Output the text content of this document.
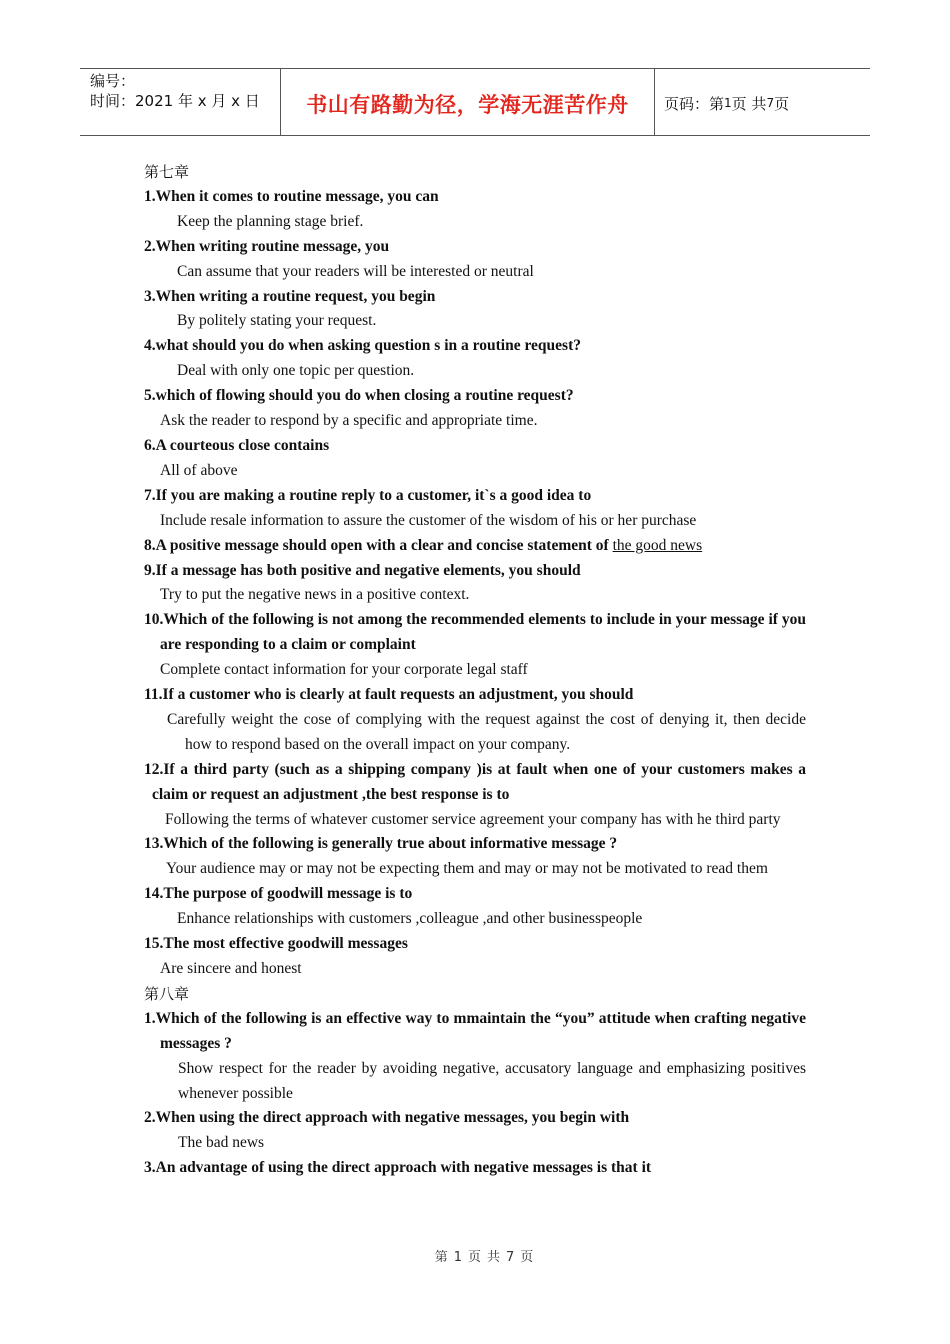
编号：
时间：2021 年 x 月 x 日	书山有路勤为径，学海无涯苦作舟	页码：第 1 页 共 7 页

第七章

1.When it comes to routine message, you can

Keep the planning stage brief.

2.When writing routine message, you

Can assume that your readers will be interested or neutral

3.When writing a routine request, you begin

By politely stating your request.

4.what should you do when asking question s in a routine request?

Deal with only one topic per question.

5.which of flowing should you do when closing a routine request?

Ask the reader to respond by a specific and appropriate time.

6.A courteous close contains

All of above

7.If you are making a routine reply to a customer, it`s a good idea to

Include resale information to assure the customer of the wisdom of his or her purchase

8.A positive message should open with a clear and concise statement of the good news

9.If a message has both positive and negative elements, you should

Try to put the negative news in a positive context.

10.Which of the following is not among the recommended elements to include in your message if you are responding to a claim or complaint

Complete contact information for your corporate legal staff

11.If a customer who is clearly at fault requests an adjustment, you should

Carefully weight the cose of complying with the request against the cost of denying it, then decide how to respond based on the overall impact on your company.

12.If a third party (such as a shipping company )is at fault when one of your customers makes a claim or request an adjustment ,the best response is to

Following the terms of whatever customer service agreement your company has with he third party

13.Which of the following is generally true about informative message ?

Your audience may or may not be expecting them and may or may not be motivated to read them

14.The purpose of goodwill message is to

Enhance relationships with customers ,colleague ,and other businesspeople

15.The most effective goodwill messages

Are sincere and honest

第八章

1.Which of the following is an effective way to mmaintain the “you” attitude when crafting negative messages ?

Show respect for the reader by avoiding negative, accusatory language and emphasizing positives whenever possible

2.When using the direct approach with negative messages, you begin with

The bad news

3.An advantage of using the direct approach with negative messages is that it

第 1 页 共 7 页
